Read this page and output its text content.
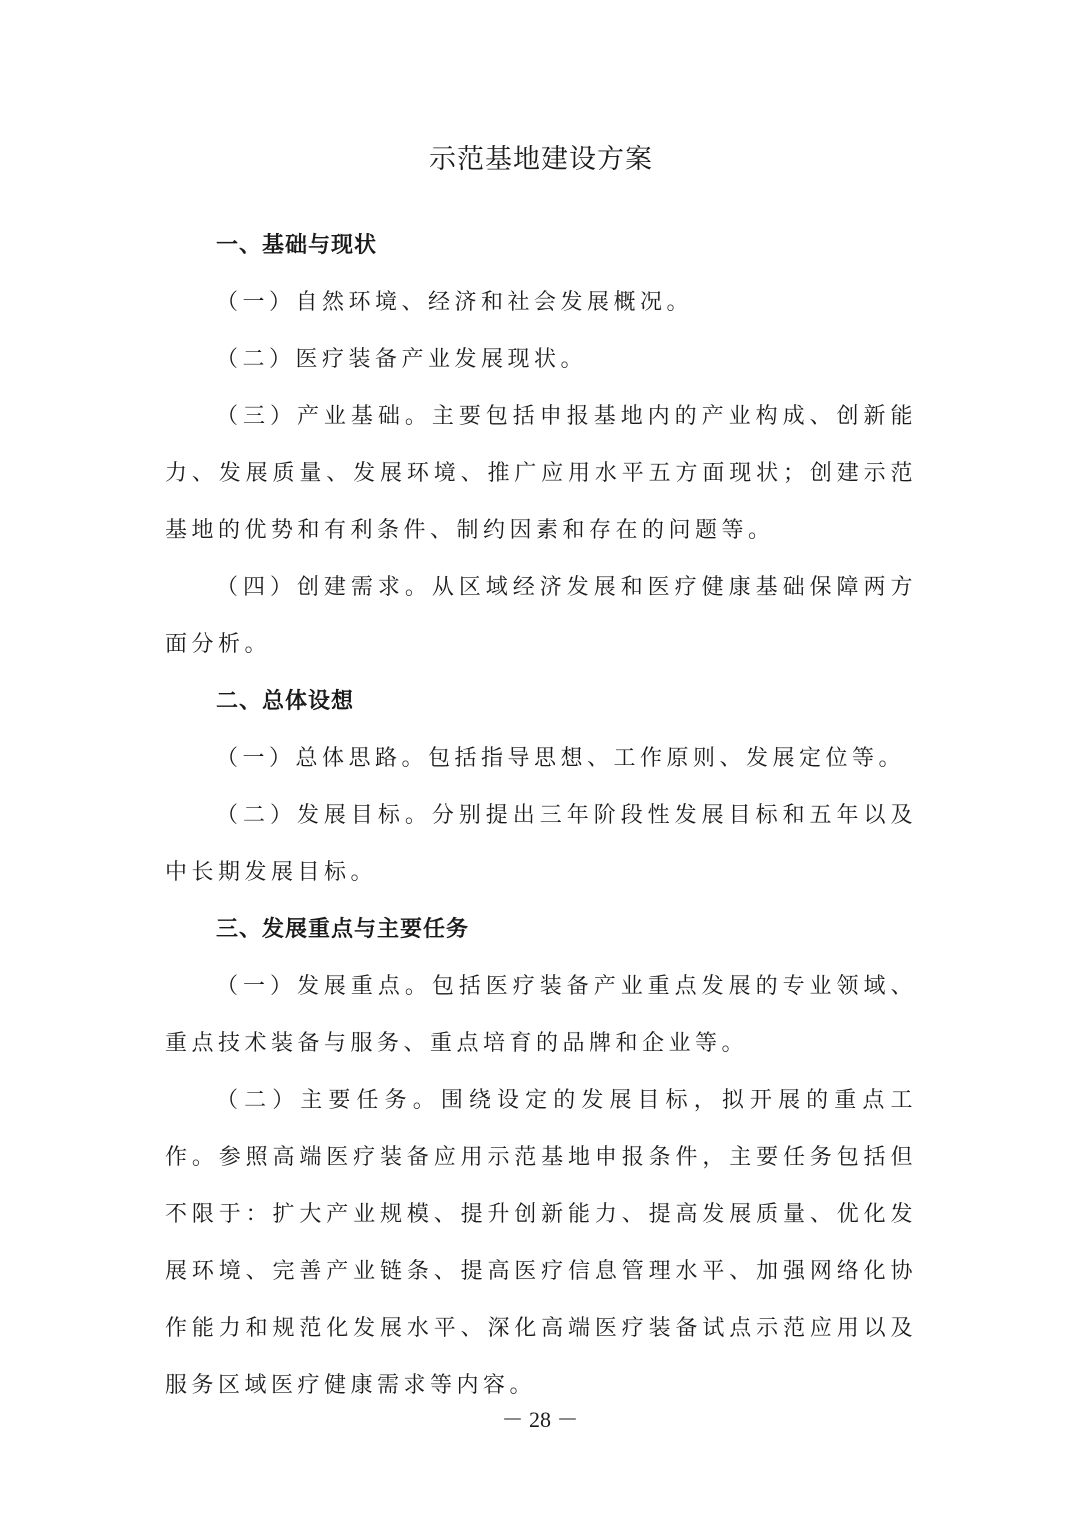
示范基地建设方案
一、基础与现状

（一）自然环境、经济和社会发展概况。

（二）医疗装备产业发展现状。

（三）产业基础。主要包括申报基地内的产业构成、创新能力、发展质量、发展环境、推广应用水平五方面现状；创建示范基地的优势和有利条件、制约因素和存在的问题等。

（四）创建需求。从区域经济发展和医疗健康基础保障两方面分析。

二、总体设想

（一）总体思路。包括指导思想、工作原则、发展定位等。

（二）发展目标。分别提出三年阶段性发展目标和五年以及中长期发展目标。

三、发展重点与主要任务

（一）发展重点。包括医疗装备产业重点发展的专业领域、重点技术装备与服务、重点培育的品牌和企业等。

（二）主要任务。围绕设定的发展目标，拟开展的重点工作。参照高端医疗装备应用示范基地申报条件，主要任务包括但不限于：扩大产业规模、提升创新能力、提高发展质量、优化发展环境、完善产业链条、提高医疗信息管理水平、加强网络化协作能力和规范化发展水平、深化高端医疗装备试点示范应用以及服务区域医疗健康需求等内容。

－ 28 －
